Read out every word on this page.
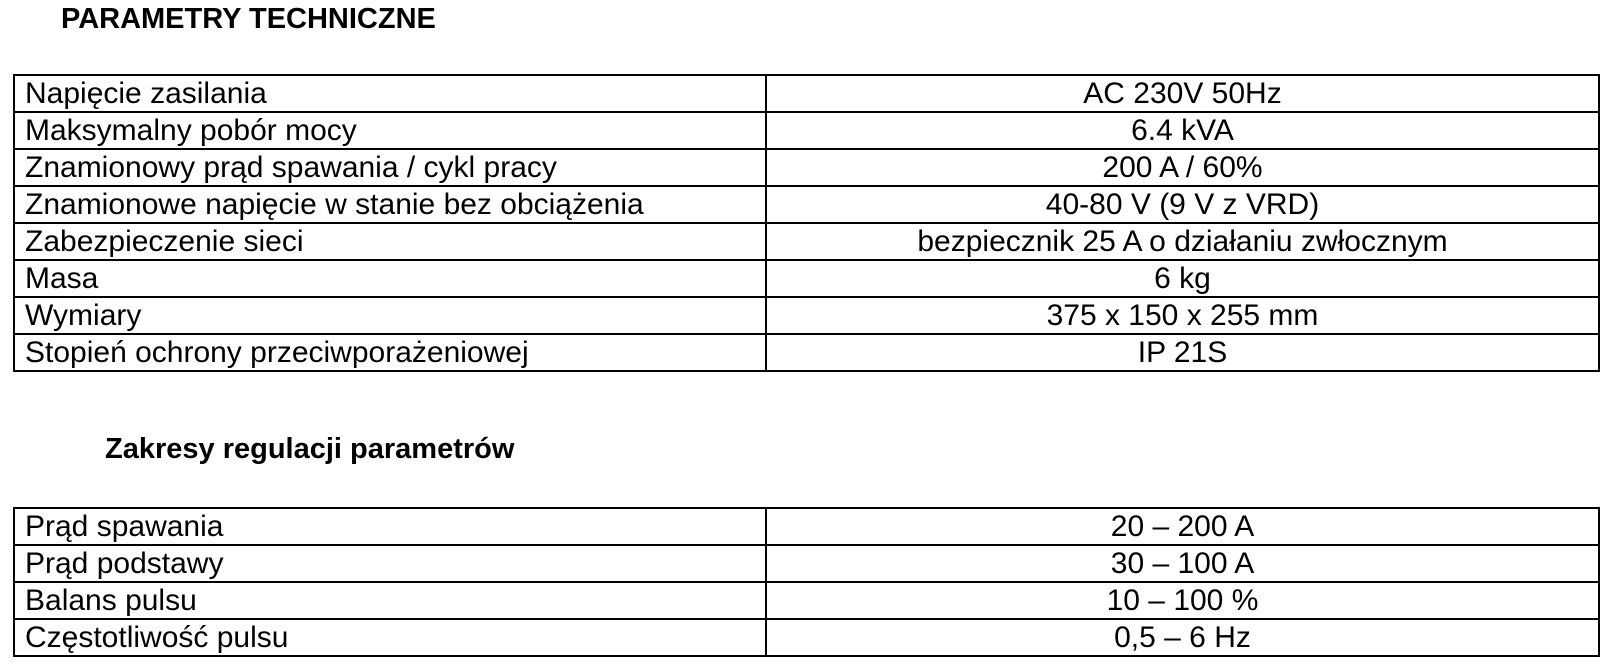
PARAMETRY TECHNICZNE
Napięcie zasilania	AC 230V 50Hz
Maksymalny pobór mocy	6.4 kVA
Znamionowy prąd spawania / cykl pracy	200 A / 60%
Znamionowe napięcie w stanie bez obciążenia	40-80 V (9 V z VRD)
Zabezpieczenie sieci	bezpiecznik 25 A o działaniu zwłocznym
Masa	6 kg
Wymiary	375 x 150 x 255 mm
Stopień ochrony przeciwporażeniowej	IP 21S
Zakresy regulacji parametrów
Prąd spawania	20 – 200 A
Prąd podstawy	30 – 100 A
Balans pulsu	10 – 100 %
Częstotliwość pulsu	0,5 – 6 Hz
